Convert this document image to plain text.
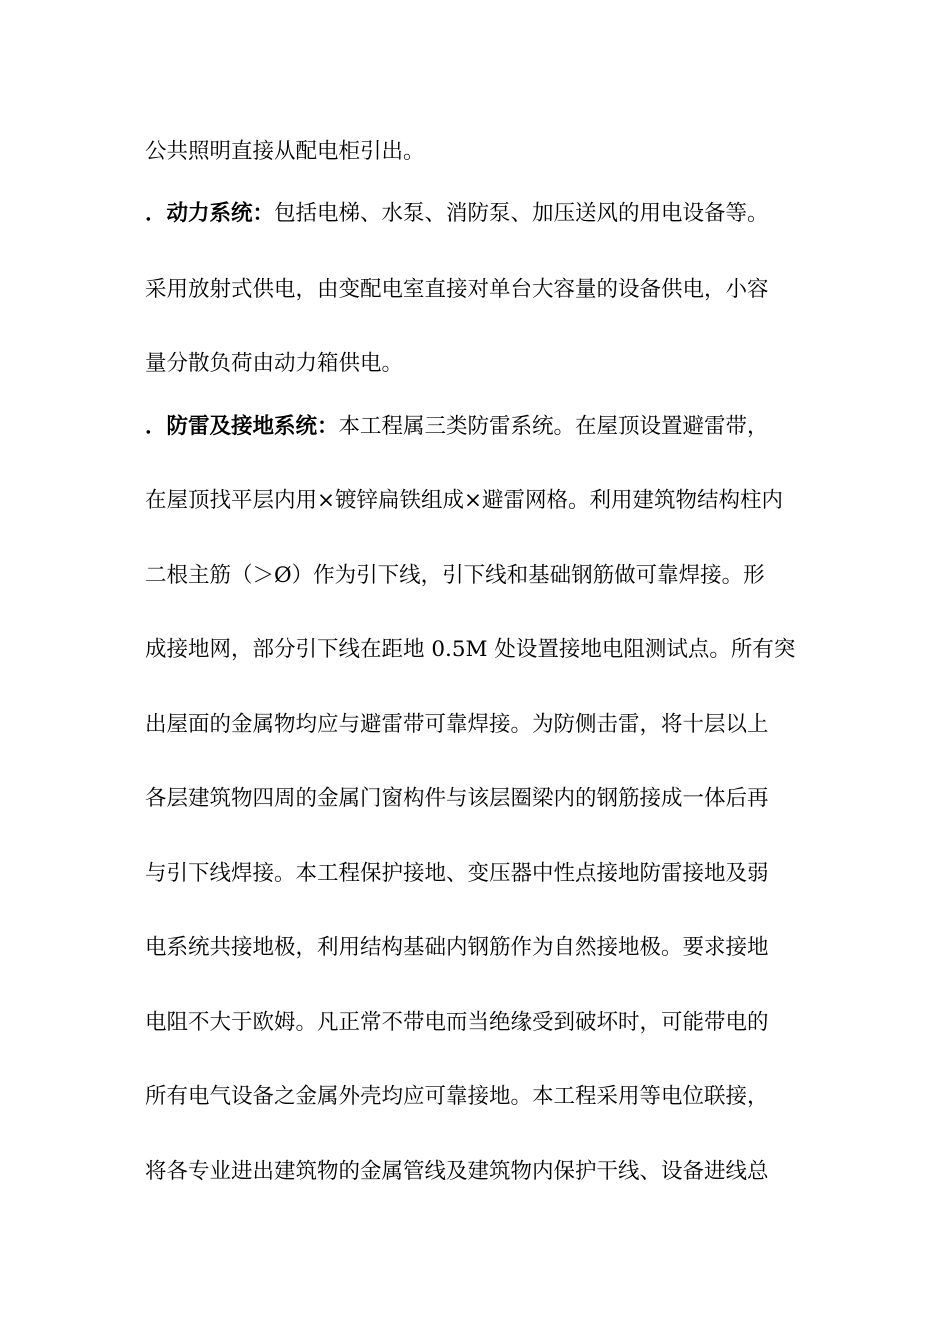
公共照明直接从配电柜引出。
．动力系统：包括电梯、水泵、消防泵、加压送风的用电设备等。
采用放射式供电，由变配电室直接对单台大容量的设备供电，小容
量分散负荷由动力箱供电。
．防雷及接地系统：本工程属三类防雷系统。在屋顶设置避雷带，
在屋顶找平层内用×镀锌扁铁组成×避雷网格。利用建筑物结构柱内
二根主筋（＞Ø）作为引下线，引下线和基础钢筋做可靠焊接。形
成接地网，部分引下线在距地 0.5M 处设置接地电阻测试点。所有突
出屋面的金属物均应与避雷带可靠焊接。为防侧击雷，将十层以上
各层建筑物四周的金属门窗构件与该层圈梁内的钢筋接成一体后再
与引下线焊接。本工程保护接地、变压器中性点接地防雷接地及弱
电系统共接地极，利用结构基础内钢筋作为自然接地极。要求接地
电阻不大于欧姆。凡正常不带电而当绝缘受到破坏时，可能带电的
所有电气设备之金属外壳均应可靠接地。本工程采用等电位联接，
将各专业进出建筑物的金属管线及建筑物内保护干线、设备进线总
